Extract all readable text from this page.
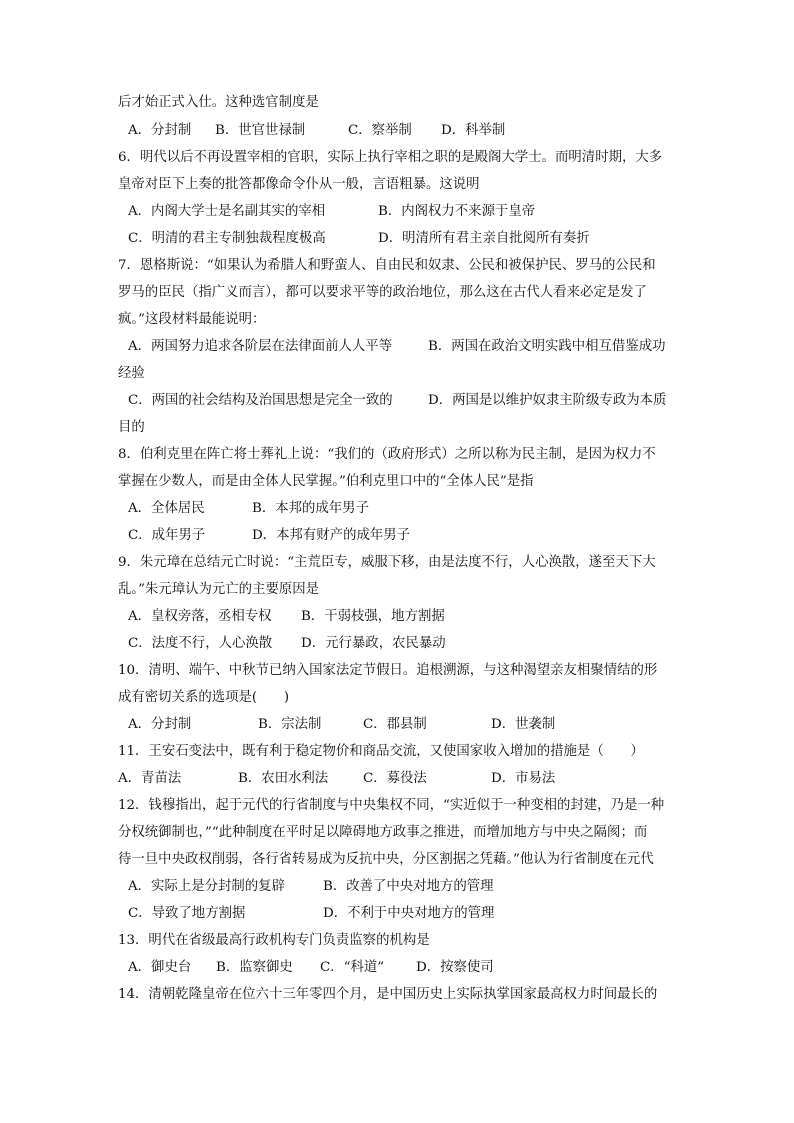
后才始正式入仕。这种选官制度是
A．分封制 B．世官世禄制	C．察举制 D．科举制
6．明代以后不再设置宰相的官职，实际上执行宰相之职的是殿阁大学士。而明清时期，大多
皇帝对臣下上奏的批答都像命令仆从一般，言语粗暴。这说明
A．内阁大学士是名副其实的宰相	B．内阁权力不来源于皇帝
C．明清的君主专制独裁程度极高	D．明清所有君主亲自批阅所有奏折
7．恩格斯说：“如果认为希腊人和野蛮人、自由民和奴隶、公民和被保护民、罗马的公民和
罗马的臣民（指广义而言），都可以要求平等的政治地位，那么这在古代人看来必定是发了
疯。”这段材料最能说明：
A．两国努力追求各阶层在法律面前人人平等	B．两国在政治文明实践中相互借鉴成功
经验
C．两国的社会结构及治国思想是完全一致的	D．两国是以维护奴隶主阶级专政为本质
目的
8．伯利克里在阵亡将士葬礼上说：“我们的（政府形式）之所以称为民主制，是因为权力不
掌握在少数人，而是由全体人民掌握。”伯利克里口中的“全体人民”是指
A．全体居民	B．本邦的成年男子
C．成年男子	D．本邦有财产的成年男子
9．朱元璋在总结元亡时说：“主荒臣专，威服下移，由是法度不行，人心涣散，遂至天下大
乱。”朱元璋认为元亡的主要原因是
A．皇权旁落，丞相专权 B．干弱枝强，地方割据
C．法度不行，人心涣散 D．元行暴政，农民暴动
10．清明、端午、中秋节已纳入国家法定节假日。追根溯源，与这种渴望亲友相聚情结的形
成有密切关系的选项是(　　)
A．分封制	B．宗法制	C．郡县制	D．世袭制
11．王安石变法中，既有利于稳定物价和商品交流，又使国家收入增加的措施是（　　）
A．青苗法	B．农田水利法	C．募役法	D．市易法
12．钱穆指出，起于元代的行省制度与中央集权不同，“实近似于一种变相的封建，乃是一种
分权统御制也，”“此种制度在平时足以障碍地方政事之推进，而增加地方与中央之隔阂；而
待一旦中央政权削弱，各行省转易成为反抗中央，分区割据之凭藉。”他认为行省制度在元代
A．实际上是分封制的复辟	B．改善了中央对地方的管理
C．导致了地方割据	D．不利于中央对地方的管理
13．明代在省级最高行政机构专门负责监察的机构是
A．御史台 B．监察御史 C．“科道” D．按察使司
14．清朝乾隆皇帝在位六十三年零四个月，是中国历史上实际执掌国家最高权力时间最长的
